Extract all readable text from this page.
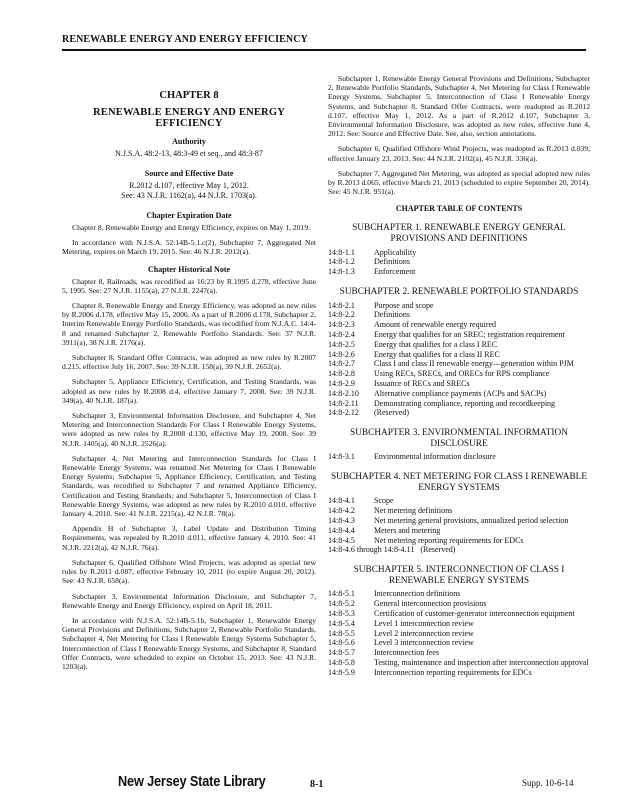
RENEWABLE ENERGY AND ENERGY EFFICIENCY
CHAPTER 8
RENEWABLE ENERGY AND ENERGY EFFICIENCY
Authority
N.J.S.A. 48:2-13, 48:3-49 et seq., and 48:3-87
Source and Effective Date
R.2012 d.107, effective May 1, 2012.
See: 43 N.J.R. 1162(a), 44 N.J.R. 1703(a).
Chapter Expiration Date

Chapter 8, Renewable Energy and Energy Efficiency, expires on May 1, 2019.

In accordance with N.J.S.A. 52:14B-5.1.c(2), Subchapter 7, Aggregated Net Metering, expires on March 19, 2015. See: 46 N.J.R. 2012(a).

Chapter Historical Note

Chapter 8, Railroads, was recodified as 16:23 by R.1995 d.278, effective June 5, 1995. See: 27 N.J.R. 1155(a), 27 N.J.R. 2247(a).

Chapter 8, Renewable Energy and Energy Efficiency, was adopted as new rules by R.2006 d.178, effective May 15, 2006. As a part of R.2006 d.178, Subchapter 2, Interim Renewable Energy Portfolio Standards, was recodified from N.J.A.C. 14:4-8 and renamed Subchapter 2, Renewable Portfolio Standards. See: 37 N.J.R. 3911(a), 38 N.J.R. 2176(a).

Subchapter 8, Standard Offer Contracts, was adopted as new rules by R.2007 d.215, effective July 16, 2007. See: 39 N.J.R. 158(a), 39 N.J.R. 2652(a).

Subchapter 5, Appliance Efficiency, Certification, and Testing Standards, was adopted as new rules by R.2008 d.4, effective January 7, 2008. See: 39 N.J.R. 349(a), 40 N.J.R. 187(a).

Subchapter 3, Environmental Information Disclosure, and Subchapter 4, Net Metering and Interconnection Standards For Class I Renewable Energy Systems, were adopted as new rules by R.2008 d.130, effective May 19, 2008. See: 39 N.J.R. 1405(a), 40 N.J.R. 2526(a).

Subchapter 4, Net Metering and Interconnection Standards for Class I Renewable Energy Systems, was renamed Net Metering for Class I Renewable Energy Systems; Subchapter 5, Appliance Efficiency, Certification, and Testing Standards, was recodified to Subchapter 7 and renamed Appliance Efficiency, Certification and Testing Standards; and Subchapter 5, Interconnection of Class I Renewable Energy Systems, was adopted as new rules by R.2010 d.010, effective January 4, 2010. See: 41 N.J.R. 2215(a), 42 N.J.R. 78(a).

Appendix H of Subchapter 3, Label Update and Distribution Timing Requirements, was repealed by R.2010 d.011, effective January 4, 2010. See: 41 N.J.R. 2212(a), 42 N.J.R. 76(a).

Subchapter 6, Qualified Offshore Wind Projects, was adopted as special new rules by R.2011 d.087, effective February 10, 2011 (to expire August 20, 2012). See: 43 N.J.R. 658(a).

Subchapter 3, Environmental Information Disclosure, and Subchapter 7, Renewable Energy and Energy Efficiency, expired on April 18, 2011.

In accordance with N.J.S.A. 52:14B-5.1b, Subchapter 1, Renewable Energy General Provisions and Definitions, Subchapter 2, Renewable Portfolio Standards, Subchapter 4, Net Metering for Class I Renewable Energy Systems Subchapter 5, Interconnection of Class I Renewable Energy Systems, and Subchapter 8, Standard Offer Contracts, were scheduled to expire on October 15, 2013. See: 43 N.J.R. 1203(a).

Subchapter 1, Renewable Energy General Provisions and Definitions, Subchapter 2, Renewable Portfolio Standards, Subchapter 4, Net Metering for Class I Renewable Energy Systems, Subchapter 5, Interconnection of Class I Renewable Energy Systems, and Subchapter 8, Standard Offer Contracts, were readopted as R.2012 d.107, effective May 1, 2012. As a part of R.2012 d.107, Subchapter 3, Environmental Information Disclosure, was adopted as new rules, effective June 4, 2012. See: Source and Effective Date. See, also, section annotations.

Subchapter 6, Qualified Offshore Wind Projects, was readopted as R.2013 d.039, effective January 23, 2013. See: 44 N.J.R. 2102(a), 45 N.J.R. 336(a).

Subchapter 7, Aggregated Net Metering, was adopted as special adopted new rules by R.2013 d.065, effective March 21, 2013 (scheduled to expire September 20, 2014). See: 45 N.J.R. 951(a).

CHAPTER TABLE OF CONTENTS
SUBCHAPTER 1. RENEWABLE ENERGY GENERAL PROVISIONS AND DEFINITIONS
14:8-1.1	Applicability
14:8-1.2	Definitions
14:8-1.3	Enforcement
SUBCHAPTER 2. RENEWABLE PORTFOLIO STANDARDS
14:8-2.1	Purpose and scope
14:8-2.2	Definitions
14:8-2.3	Amount of renewable energy required
14:8-2.4	Energy that qualifies for an SREC; registration requirement
14:8-2.5	Energy that qualifies for a class I REC
14:8-2.6	Energy that qualifies for a class II REC
14:8-2.7	Class I and class II renewable energy—generation within PJM
14:8-2.8	Using RECs, SRECs, and ORECs for RPS compliance
14:8-2.9	Issuance of RECs and SRECs
14:8-2.10	Alternative compliance payments (ACPs and SACPs)
14:8-2.11	Demonstrating compliance, reporting and recordkeeping
14:8-2.12	(Reserved)
SUBCHAPTER 3. ENVIRONMENTAL INFORMATION DISCLOSURE
14:8-3.1	Environmental information disclosure
SUBCHAPTER 4. NET METERING FOR CLASS I RENEWABLE ENERGY SYSTEMS
14:8-4.1	Scope
14:8-4.2	Net metering definitions
14:8-4.3	Net metering general provisions, annualized period selection
14:8-4.4	Meters and metering
14:8-4.5	Net metering reporting requirements for EDCs
14:8-4.6 through 14:8-4.11 (Reserved)
SUBCHAPTER 5. INTERCONNECTION OF CLASS I RENEWABLE ENERGY SYSTEMS
14:8-5.1	Interconnection definitions
14:8-5.2	General interconnection provisions
14:8-5.3	Certification of customer-generator interconnection equipment
14:8-5.4	Level 1 interconnection review
14:8-5.5	Level 2 interconnection review
14:8-5.6	Level 3 interconnection review
14:8-5.7	Interconnection fees
14:8-5.8	Testing, maintenance and inspection after interconnection approval
14:8-5.9	Interconnection reporting requirements for EDCs
New Jersey State Library	8-1	Supp. 10-6-14
